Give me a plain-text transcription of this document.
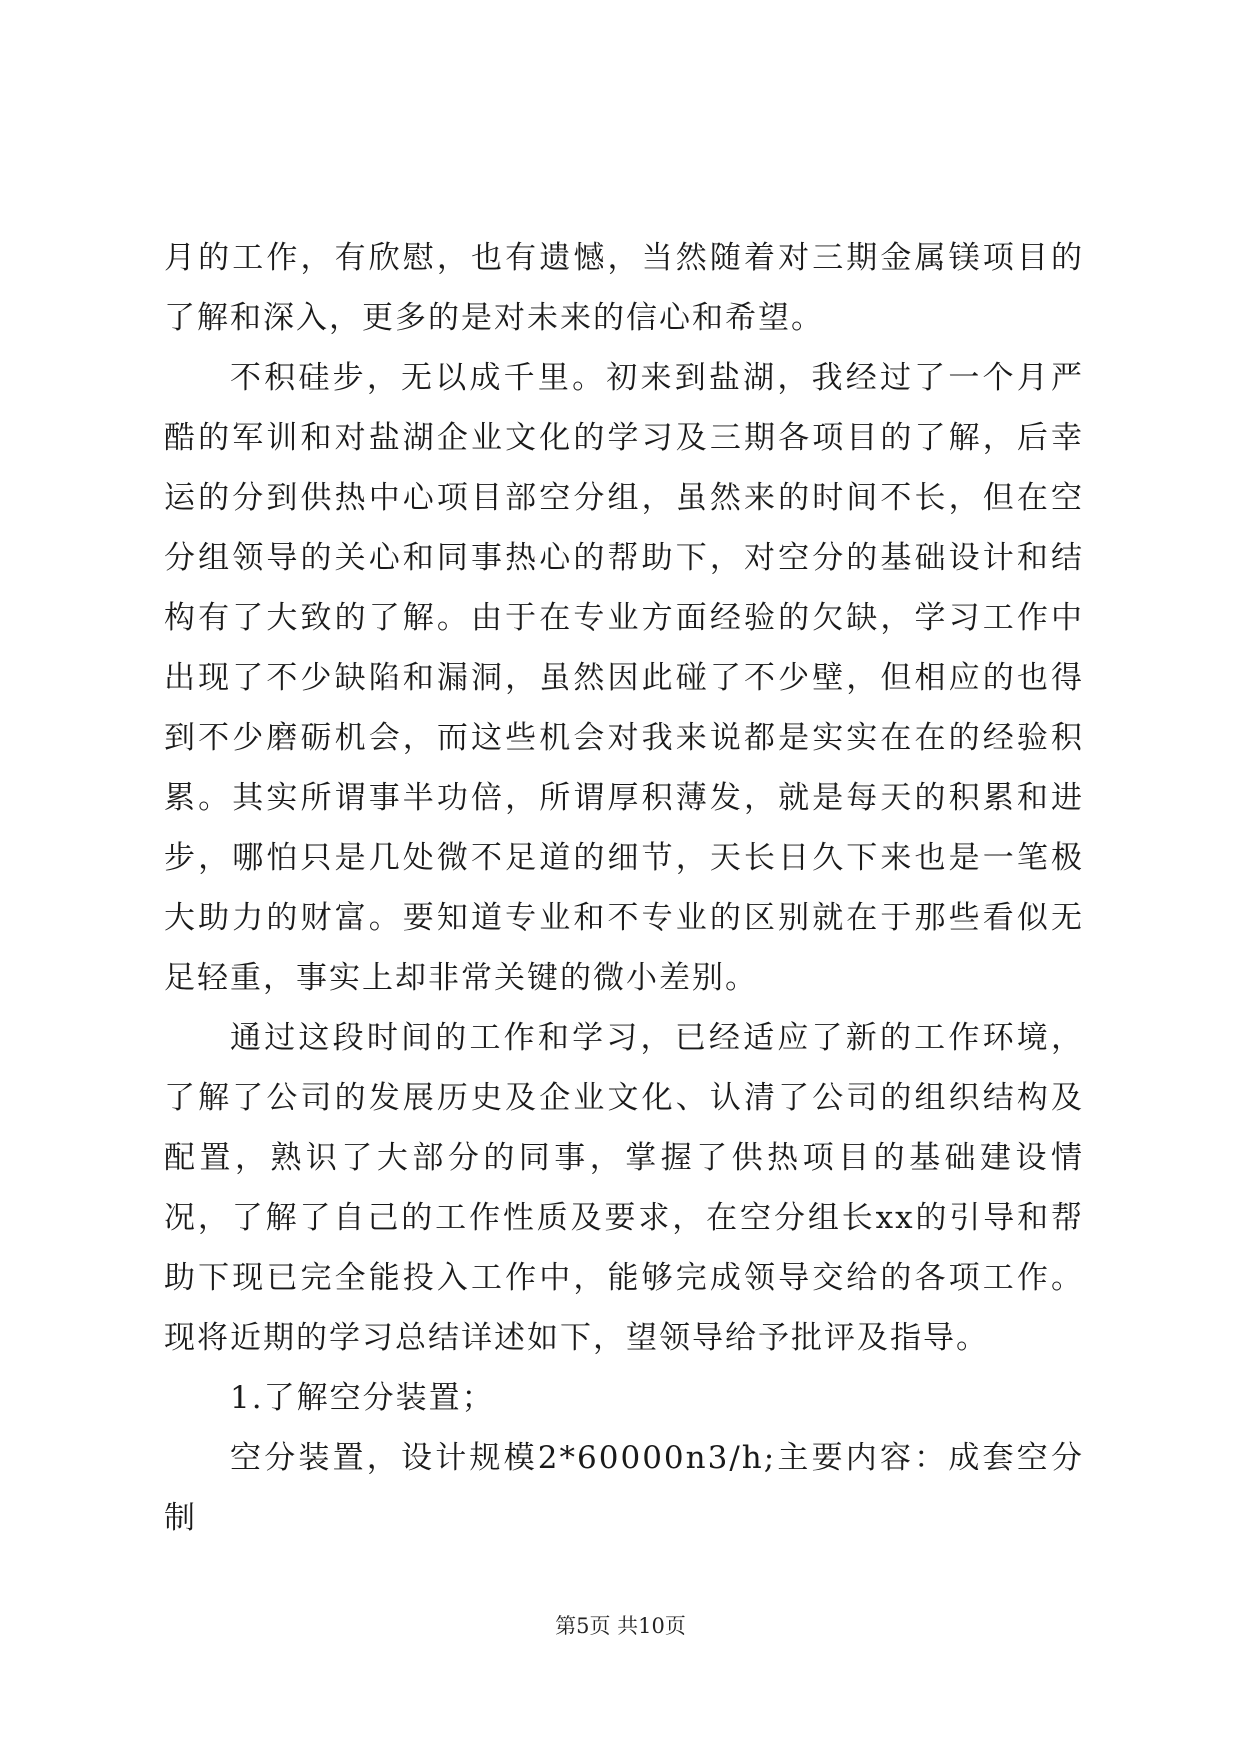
月的工作，有欣慰，也有遗憾，当然随着对三期金属镁项目的了解和深入，更多的是对未来的信心和希望。

不积硅步，无以成千里。初来到盐湖，我经过了一个月严酷的军训和对盐湖企业文化的学习及三期各项目的了解，后幸运的分到供热中心项目部空分组，虽然来的时间不长，但在空分组领导的关心和同事热心的帮助下，对空分的基础设计和结构有了大致的了解。由于在专业方面经验的欠缺，学习工作中出现了不少缺陷和漏洞，虽然因此碰了不少壁，但相应的也得到不少磨砺机会，而这些机会对我来说都是实实在在的经验积累。其实所谓事半功倍，所谓厚积薄发，就是每天的积累和进步，哪怕只是几处微不足道的细节，天长日久下来也是一笔极大助力的财富。要知道专业和不专业的区别就在于那些看似无足轻重，事实上却非常关键的微小差别。

通过这段时间的工作和学习，已经适应了新的工作环境，了解了公司的发展历史及企业文化、认清了公司的组织结构及配置，熟识了大部分的同事，掌握了供热项目的基础建设情况，了解了自己的工作性质及要求，在空分组长xx的引导和帮助下现已完全能投入工作中，能够完成领导交给的各项工作。现将近期的学习总结详述如下，望领导给予批评及指导。

1.了解空分装置；

空分装置，设计规模2*60000n3/h;主要内容：成套空分制

第5页 共10页
